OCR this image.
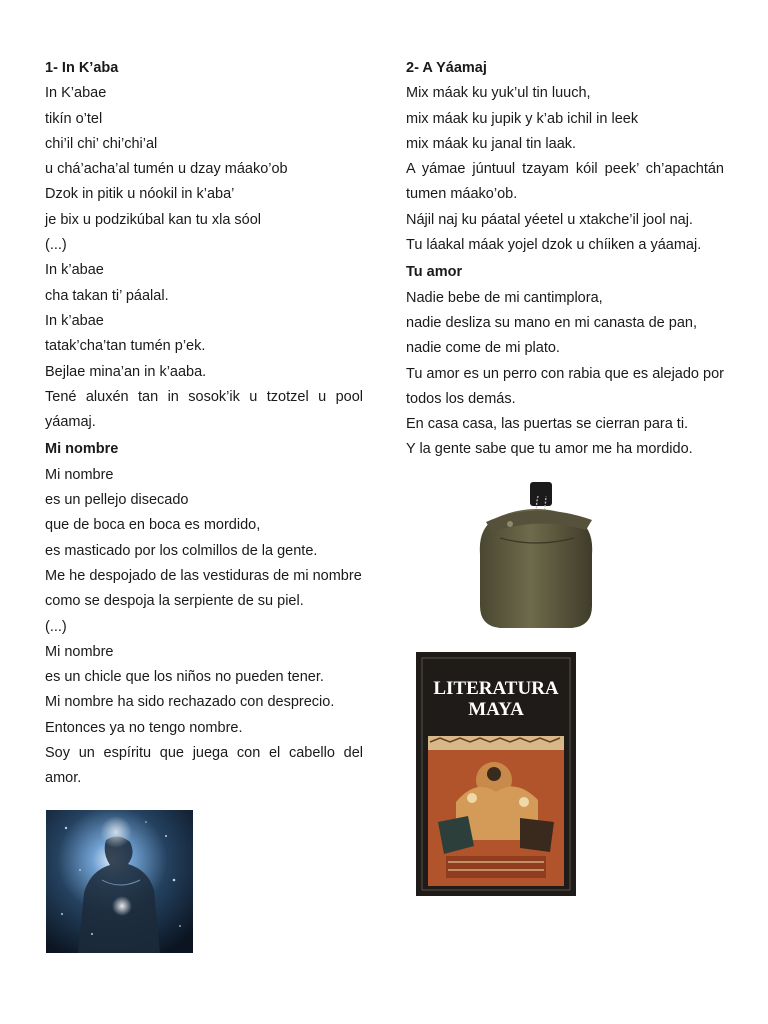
1- In K’aba

In K’abae

tikín o’tel

chi’il chi’ chi’chi’al

u chá’acha’al tumén u dzay máako’ob

Dzok in pitik u nóokil in k’aba’

je bix u podzikúbal kan tu xla sóol

(...)

In k’abae

cha takan ti’ páalal.

In k’abae

tatak’cha’tan tumén p’ek.

Bejlae mina’an in k’aaba.

Tené aluxén tan in sosok’ik u tzotzel u pool yáamaj.

Mi nombre

Mi nombre

es un pellejo disecado

que de boca en boca es mordido,

es masticado por los colmillos de la gente.

Me he despojado de las vestiduras de mi nombre

como se despoja la serpiente de su piel.

(...)

Mi nombre

es un chicle que los niños no pueden tener.

Mi nombre ha sido rechazado con desprecio.

Entonces ya no tengo nombre.

Soy un espíritu que juega con el cabello del amor.

2- A Yáamaj

Mix máak ku yuk’ul tin luuch,

mix máak ku jupik y k’ab ichil in leek

mix máak ku janal tin laak.

A yámae júntuul tzayam kóil peek’ ch’apachtán tumen máako’ob.

Nájil naj ku páatal yéetel u xtakche’il jool naj.

Tu láakal máak yojel dzok u chíiken a yáamaj.

Tu amor

Nadie bebe de mi cantimplora,

nadie desliza su mano en mi canasta de pan,

nadie come de mi plato.

Tu amor es un perro con rabia que es alejado por todos los demás.

En casa casa, las puertas se cierran para ti.

Y la gente sabe que tu amor me ha mordido.

LITERATURA
MAYA
